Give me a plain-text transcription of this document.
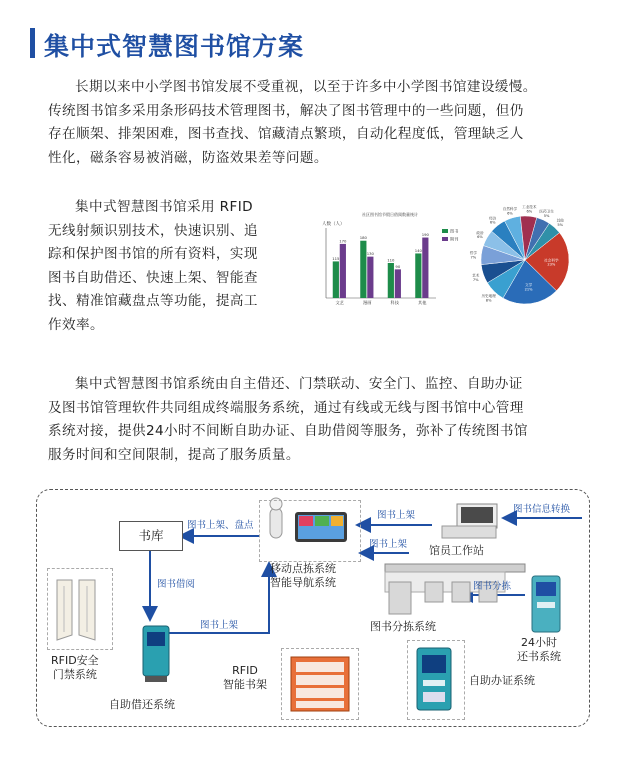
集中式智慧图书馆方案
长期以来中小学图书馆发展不受重视，以至于许多中小学图书馆建设缓慢。
传统图书馆多采用条形码技术管理图书，解决了图书管理中的一些问题，但仍
存在顺架、排架困难，图书查找、馆藏清点繁琐，自动化程度低，管理缺乏人
性化，磁条容易被消磁，防盗效果差等问题。
集中式智慧图书馆采用 RFID
无线射频识别技术，快速识别、追
踪和保护图书馆的所有资料，实现
图书自助借还、快速上架、智能查
找、精准馆藏盘点等功能，提高工
作效率。
社区图书馆节假日借阅数量统计
人数（人）
115
170
文艺
180
130
漫画
110
90
科技
140
190
其他
图书
期刊
社会科学
23%
文学
21%
历史地理
8%
艺术
7%
哲学
7%
政治
6%
经济
6%
自然科学
6%
工业技术
6% 医药卫生
5%
其他
5%
集中式智慧图书馆系统由自主借还、门禁联动、安全门、监控、自助办证
及图书馆管理软件共同组成终端服务系统，通过有线或无线与图书馆中心管理
系统对接，提供24小时不间断自助办证、自助借阅等服务，弥补了传统图书馆
服务时间和空间限制，提高了服务质量。
书库
图书上架、盘点
图书借阅
图书上架
图书上架
图书上架
图书信息转换
图书分拣
移动点拣系统
智能导航系统
馆员工作站
图书分拣系统
24小时
还书系统
RFID安全
门禁系统
自助借还系统
RFID
智能书架	自助办证系统
